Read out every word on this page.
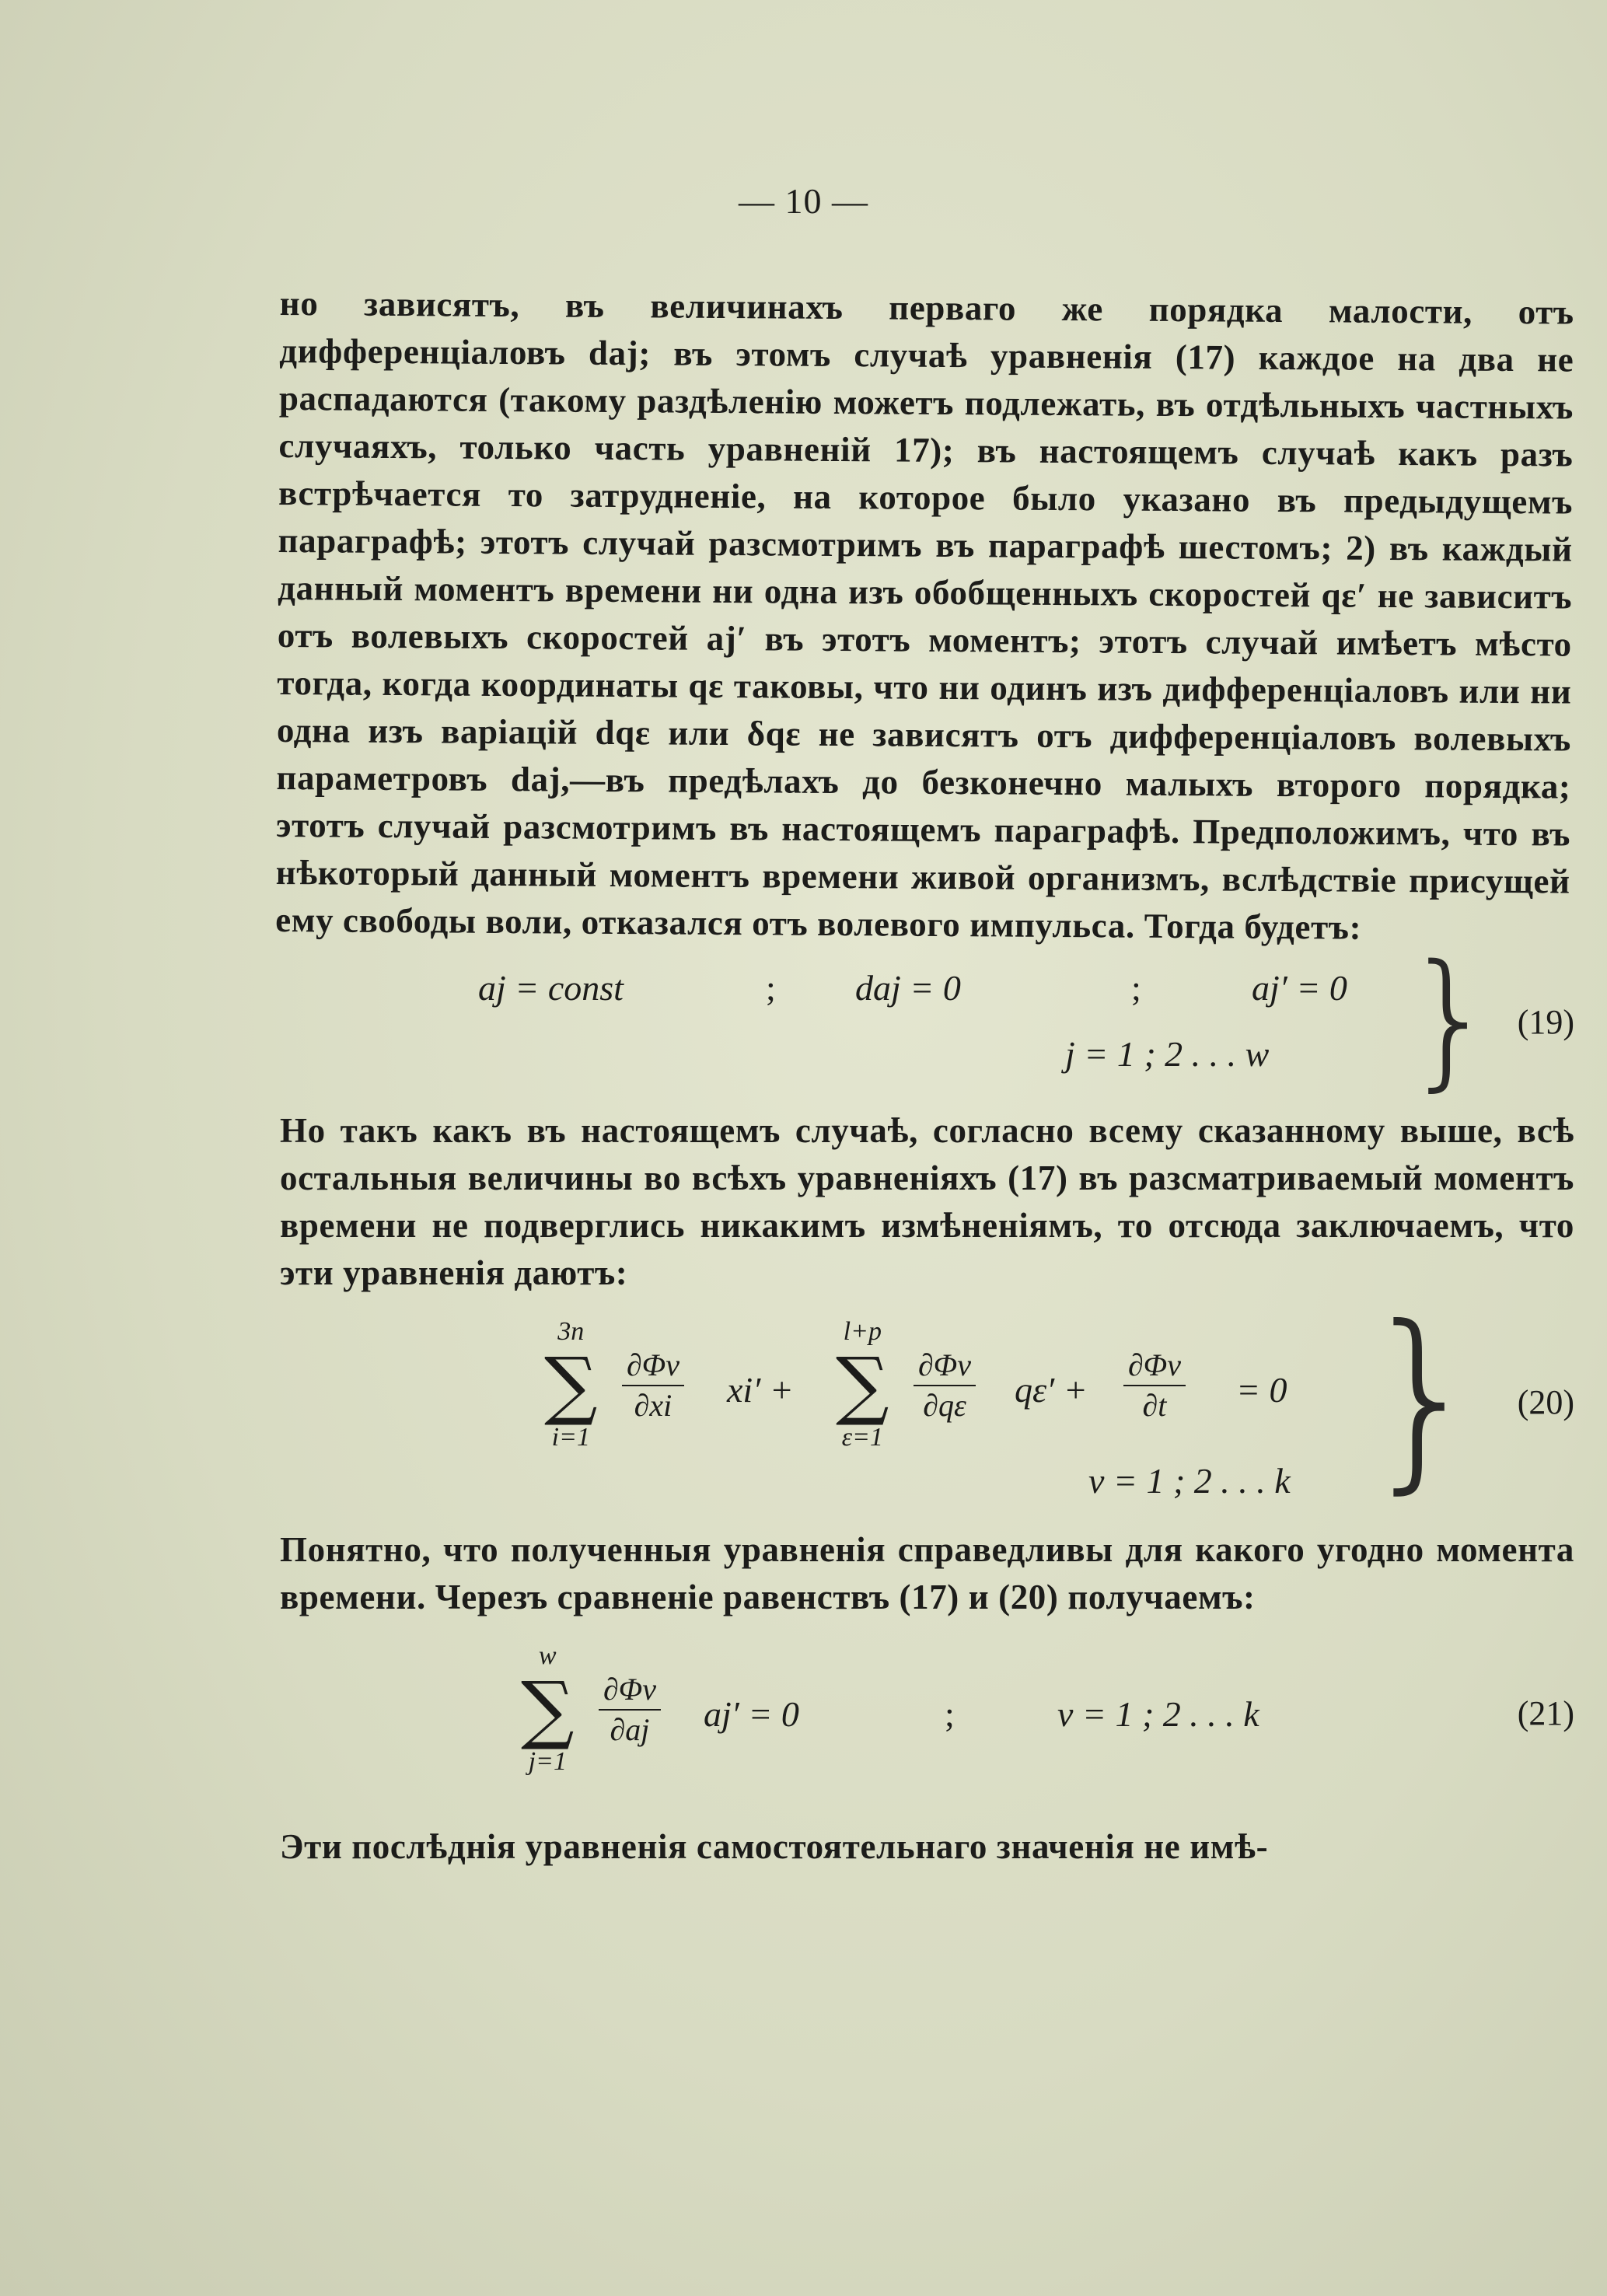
— 10 —

но зависятъ, въ величинахъ перваго же порядка малости, отъ дифференціаловъ daj; въ этомъ случаѣ уравненія (17) каждое на два не распадаются (такому раздѣленію можетъ подлежать, въ отдѣльныхъ частныхъ случаяхъ, только часть уравненій 17); въ настоящемъ случаѣ какъ разъ встрѣчается то затрудненіе, на которое было указано въ предыдущемъ параграфѣ; этотъ случай разсмотримъ въ параграфѣ шестомъ; 2) въ каждый данный моментъ времени ни одна изъ обобщенныхъ скоростей qε′ не зависитъ отъ волевыхъ скоростей aj′ въ этотъ моментъ; этотъ случай имѣетъ мѣсто тогда, когда координаты qε таковы, что ни одинъ изъ дифференціаловъ или ни одна изъ варіацій dqε или δqε не зависятъ отъ дифференціаловъ волевыхъ параметровъ daj,—въ предѣлахъ до безконечно малыхъ второго порядка; этотъ случай разсмотримъ въ настоящемъ параграфѣ. Предположимъ, что въ нѣкоторый данный моментъ времени живой организмъ, вслѣдствіе присущей ему свободы воли, отказался отъ волевого импульса. Тогда будетъ:

aj = const	; daj = 0	;	aj′ = 0
j = 1 ; 2 . . . w } (19)

Но такъ какъ въ настоящемъ случаѣ, согласно всему сказанному выше, всѣ остальныя величины во всѣхъ уравненіяхъ (17) въ разсматриваемый моментъ времени не подверглись никакимъ измѣненіямъ, то отсюда заключаемъ, что эти уравненія даютъ:

3n
∑
i=1
$\frac{\partial\Phi\nu}{\partial xi} xi'$ +
l+p
∑
ε=1
$\frac{\partial\Phi\nu}{\partial q\varepsilon} q\varepsilon' + \frac{\partial\Phi\nu}{\partial t} = 0$
ν = 1 ; 2 . . . k } (20)

Понятно, что полученныя уравненія справедливы для какого угодно момента времени. Черезъ сравненіе равенствъ (17) и (20) получаемъ:

w
∑
j=1
$\frac{\partial\Phi\nu}{\partial aj} aj' = 0$	;	ν = 1 ; 2 . . . k	(21)

Эти послѣднія уравненія самостоятельнаго значенія не имѣ-
